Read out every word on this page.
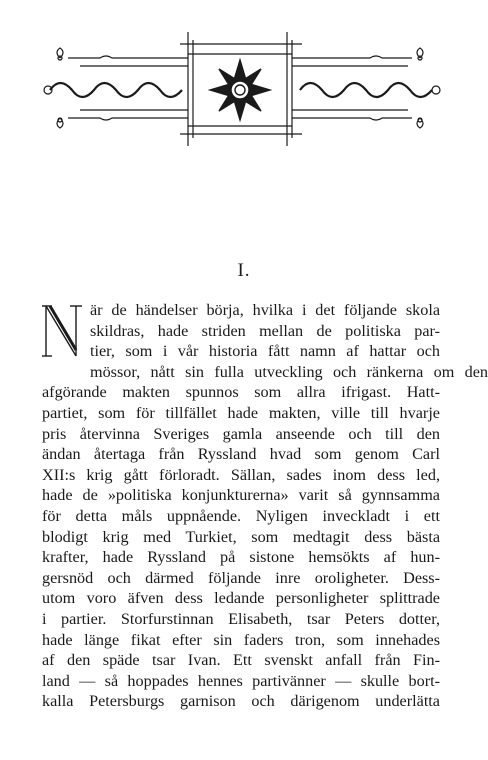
I.
är de händelser börja, hvilka i det följande skola
skildras, hade striden mellan de politiska par-
tier, som i vår historia fått namn af hattar och
mössor, nått sin fulla utveckling och ränkerna om den
afgörande makten spunnos som allra ifrigast. Hatt-
partiet, som för tillfället hade makten, ville till hvarje
pris återvinna Sveriges gamla anseende och till den
ändan återtaga från Ryssland hvad som genom Carl
XII:s krig gått förloradt. Sällan, sades inom dess led,
hade de »politiska konjunkturerna» varit så gynnsamma
för detta måls uppnående. Nyligen inveckladt i ett
blodigt krig med Turkiet, som medtagit dess bästa
krafter, hade Ryssland på sistone hemsökts af hun-
gersnöd och därmed följande inre oroligheter. Dess-
utom voro äfven dess ledande personligheter splittrade
i partier. Storfurstinnan Elisabeth, tsar Peters dotter,
hade länge fikat efter sin faders tron, som innehades
af den späde tsar Ivan. Ett svenskt anfall från Fin-
land — så hoppades hennes partivänner — skulle bort-
kalla Petersburgs garnison och därigenom underlätta
